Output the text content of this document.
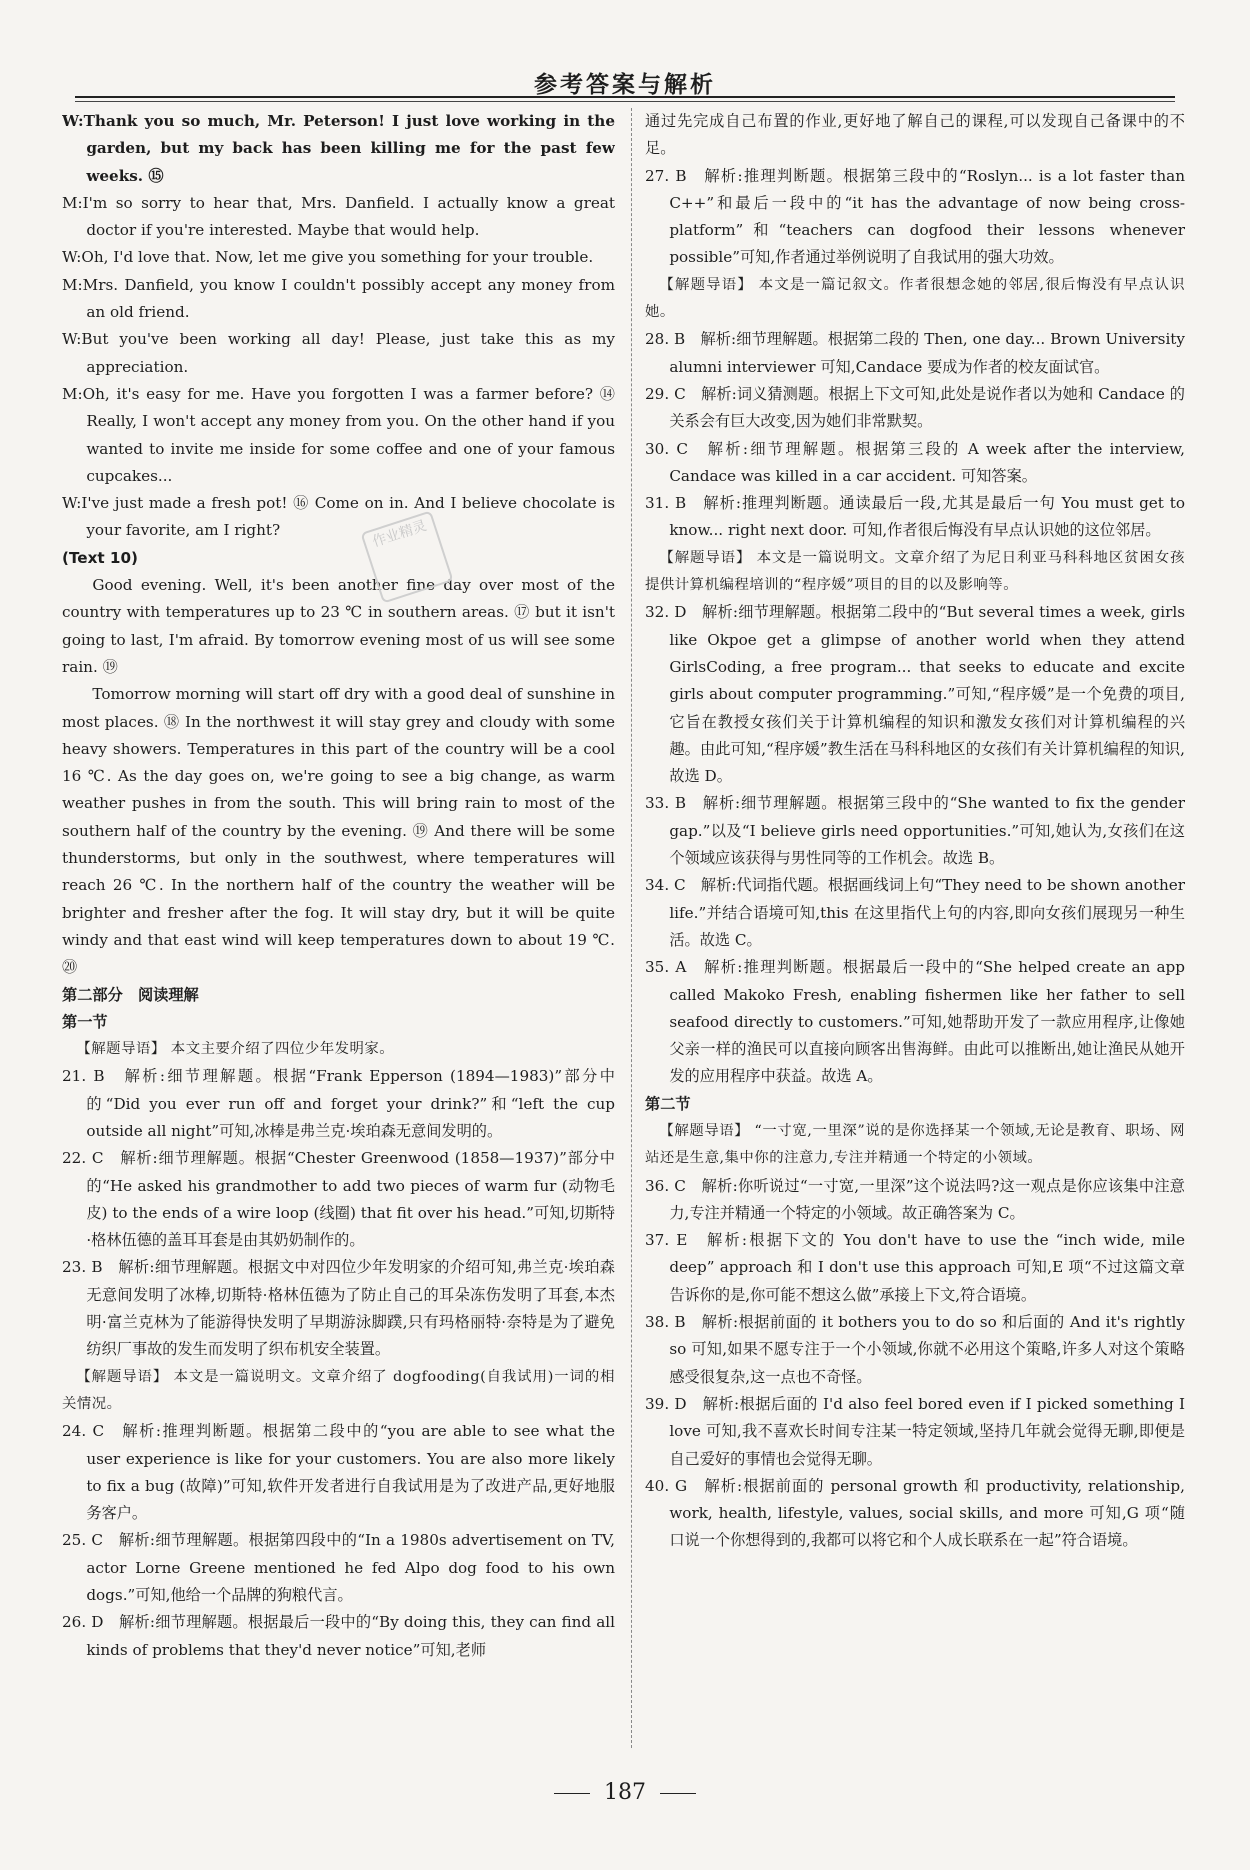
参考答案与解析

W:Thank you so much, Mr. Peterson! I just love working in the garden, but my back has been killing me for the past few weeks. ⑮

M:I'm so sorry to hear that, Mrs. Danfield. I actually know a great doctor if you're interested. Maybe that would help.

W:Oh, I'd love that. Now, let me give you something for your trouble.

M:Mrs. Danfield, you know I couldn't possibly accept any money from an old friend.

W:But you've been working all day! Please, just take this as my appreciation.

M:Oh, it's easy for me. Have you forgotten I was a farmer before? ⑭ Really, I won't accept any money from you. On the other hand if you wanted to invite me inside for some coffee and one of your famous cupcakes...

W:I've just made a fresh pot! ⑯ Come on in. And I believe chocolate is your favorite, am I right?

(Text 10)

Good evening. Well, it's been another fine day over most of the country with temperatures up to 23 ℃ in southern areas. ⑰ but it isn't going to last, I'm afraid. By tomorrow evening most of us will see some rain. ⑲

Tomorrow morning will start off dry with a good deal of sunshine in most places. ⑱ In the northwest it will stay grey and cloudy with some heavy showers. Temperatures in this part of the country will be a cool 16 ℃. As the day goes on, we're going to see a big change, as warm weather pushes in from the south. This will bring rain to most of the southern half of the country by the evening. ⑲ And there will be some thunderstorms, but only in the southwest, where temperatures will reach 26 ℃. In the northern half of the country the weather will be brighter and fresher after the fog. It will stay dry, but it will be quite windy and that east wind will keep temperatures down to about 19 ℃. ⑳

第二部分　阅读理解

第一节

【解题导语】 本文主要介绍了四位少年发明家。

21. B　解析:细节理解题。根据“Frank Epperson (1894—1983)”部分中的“Did you ever run off and forget your drink?”和“left the cup outside all night”可知,冰棒是弗兰克·埃珀森无意间发明的。

22. C　解析:细节理解题。根据“Chester Greenwood (1858—1937)”部分中的“He asked his grandmother to add two pieces of warm fur (动物毛皮) to the ends of a wire loop (线圈) that fit over his head.”可知,切斯特·格林伍德的盖耳耳套是由其奶奶制作的。

23. B　解析:细节理解题。根据文中对四位少年发明家的介绍可知,弗兰克·埃珀森无意间发明了冰棒,切斯特·格林伍德为了防止自己的耳朵冻伤发明了耳套,本杰明·富兰克林为了能游得快发明了早期游泳脚蹼,只有玛格丽特·奈特是为了避免纺织厂事故的发生而发明了织布机安全装置。

【解题导语】 本文是一篇说明文。文章介绍了 dogfooding(自我试用)一词的相关情况。

24. C　解析:推理判断题。根据第二段中的“you are able to see what the user experience is like for your customers. You are also more likely to fix a bug (故障)”可知,软件开发者进行自我试用是为了改进产品,更好地服务客户。

25. C　解析:细节理解题。根据第四段中的“In a 1980s advertisement on TV, actor Lorne Greene mentioned he fed Alpo dog food to his own dogs.”可知,他给一个品牌的狗粮代言。

26. D　解析:细节理解题。根据最后一段中的“By doing this, they can find all kinds of problems that they'd never notice”可知,老师

通过先完成自己布置的作业,更好地了解自己的课程,可以发现自己备课中的不足。

27. B　解析:推理判断题。根据第三段中的“Roslyn... is a lot faster than C++”和最后一段中的“it has the advantage of now being cross-platform”和“teachers can dogfood their lessons whenever possible”可知,作者通过举例说明了自我试用的强大功效。

【解题导语】 本文是一篇记叙文。作者很想念她的邻居,很后悔没有早点认识她。

28. B　解析:细节理解题。根据第二段的 Then, one day... Brown University alumni interviewer 可知,Candace 要成为作者的校友面试官。

29. C　解析:词义猜测题。根据上下文可知,此处是说作者以为她和 Candace 的关系会有巨大改变,因为她们非常默契。

30. C　解析:细节理解题。根据第三段的 A week after the interview, Candace was killed in a car accident. 可知答案。

31. B　解析:推理判断题。通读最后一段,尤其是最后一句 You must get to know... right next door. 可知,作者很后悔没有早点认识她的这位邻居。

【解题导语】 本文是一篇说明文。文章介绍了为尼日利亚马科科地区贫困女孩提供计算机编程培训的“程序媛”项目的目的以及影响等。

32. D　解析:细节理解题。根据第二段中的“But several times a week, girls like Okpoe get a glimpse of another world when they attend GirlsCoding, a free program... that seeks to educate and excite girls about computer programming.”可知,“程序媛”是一个免费的项目,它旨在教授女孩们关于计算机编程的知识和激发女孩们对计算机编程的兴趣。由此可知,“程序媛”教生活在马科科地区的女孩们有关计算机编程的知识,故选 D。

33. B　解析:细节理解题。根据第三段中的“She wanted to fix the gender gap.”以及“I believe girls need opportunities.”可知,她认为,女孩们在这个领域应该获得与男性同等的工作机会。故选 B。

34. C　解析:代词指代题。根据画线词上句“They need to be shown another life.”并结合语境可知,this 在这里指代上句的内容,即向女孩们展现另一种生活。故选 C。

35. A　解析:推理判断题。根据最后一段中的“She helped create an app called Makoko Fresh, enabling fishermen like her father to sell seafood directly to customers.”可知,她帮助开发了一款应用程序,让像她父亲一样的渔民可以直接向顾客出售海鲜。由此可以推断出,她让渔民从她开发的应用程序中获益。故选 A。

第二节

【解题导语】 “一寸宽,一里深”说的是你选择某一个领域,无论是教育、职场、网站还是生意,集中你的注意力,专注并精通一个特定的小领域。

36. C　解析:你听说过“一寸宽,一里深”这个说法吗?这一观点是你应该集中注意力,专注并精通一个特定的小领域。故正确答案为 C。

37. E　解析:根据下文的 You don't have to use the “inch wide, mile deep” approach 和 I don't use this approach 可知,E 项“不过这篇文章告诉你的是,你可能不想这么做”承接上下文,符合语境。

38. B　解析:根据前面的 it bothers you to do so 和后面的 And it's rightly so 可知,如果不愿专注于一个小领域,你就不必用这个策略,许多人对这个策略感受很复杂,这一点也不奇怪。

39. D　解析:根据后面的 I'd also feel bored even if I picked something I love 可知,我不喜欢长时间专注某一特定领域,坚持几年就会觉得无聊,即便是自己爱好的事情也会觉得无聊。

40. G　解析:根据前面的 personal growth 和 productivity, relationship, work, health, lifestyle, values, social skills, and more 可知,G 项“随口说一个你想得到的,我都可以将它和个人成长联系在一起”符合语境。

作业精灵
187
